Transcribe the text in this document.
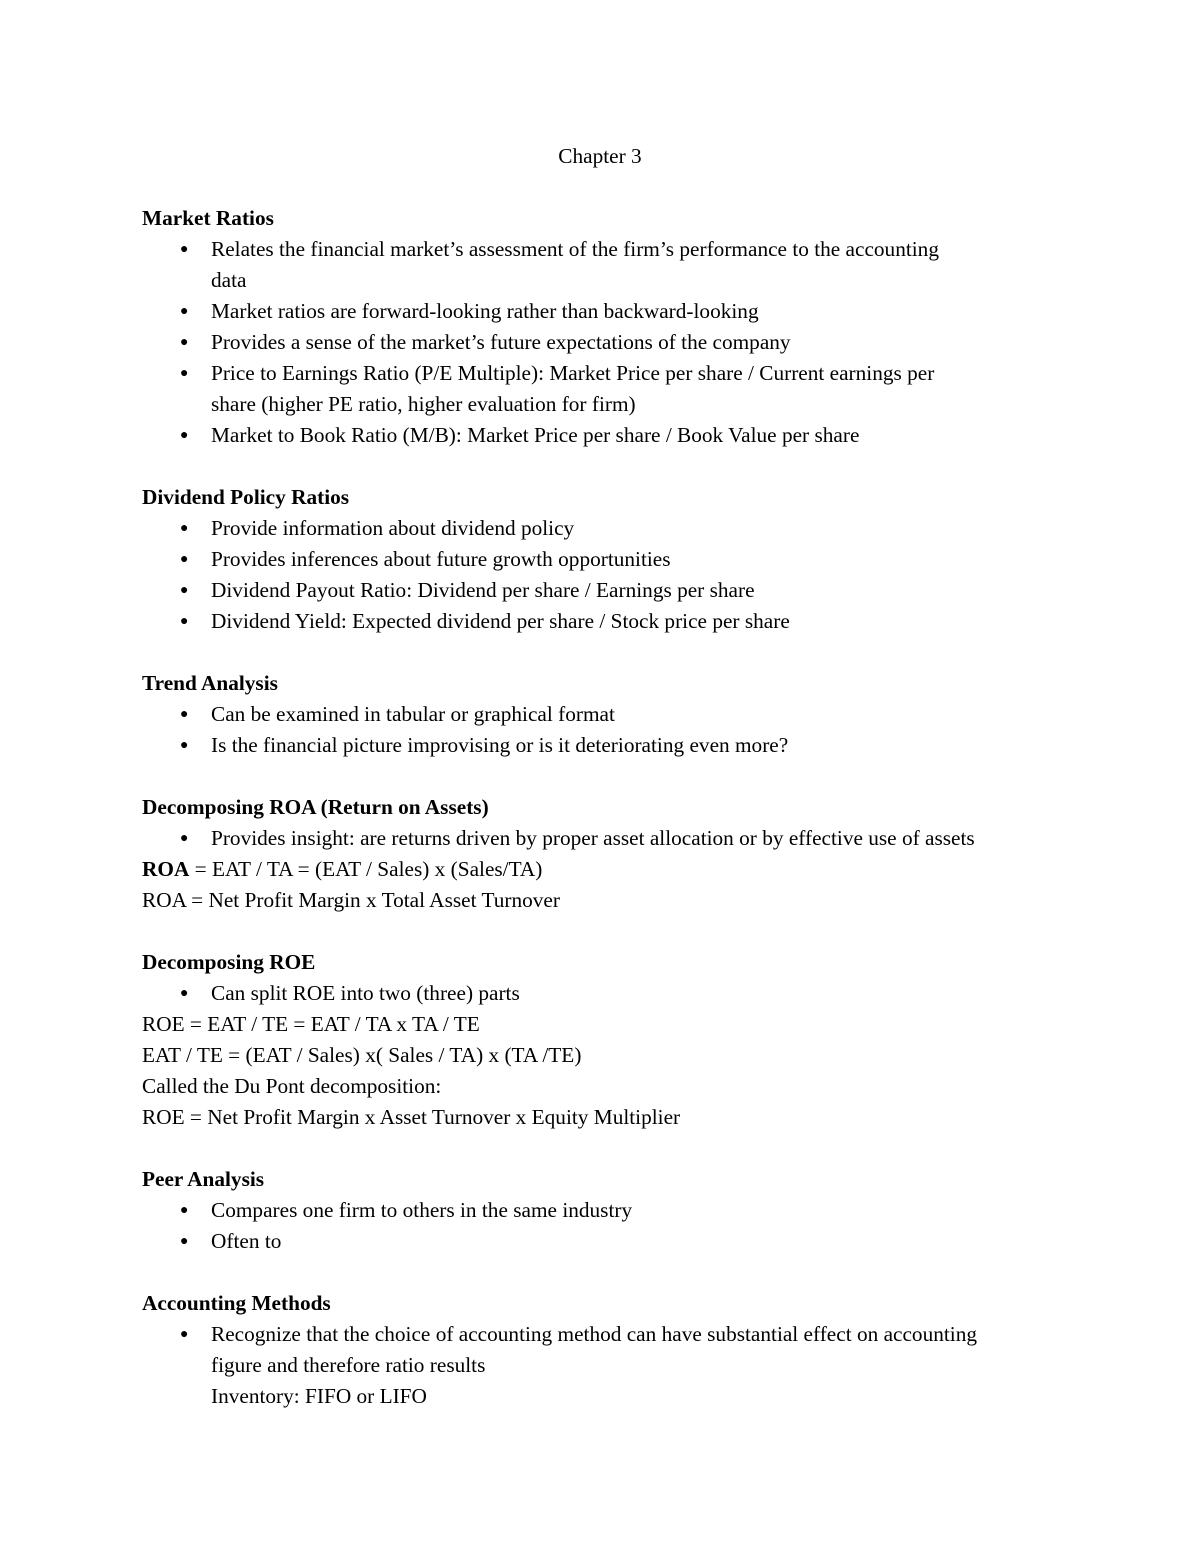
Chapter 3
Market Ratios
● Relates the financial market’s assessment of the firm’s performance to the accounting
data
● Market ratios are forward-looking rather than backward-looking
● Provides a sense of the market’s future expectations of the company
● Price to Earnings Ratio (P/E Multiple): Market Price per share / Current earnings per
share (higher PE ratio, higher evaluation for firm)
● Market to Book Ratio (M/B): Market Price per share / Book Value per share
Dividend Policy Ratios
● Provide information about dividend policy
● Provides inferences about future growth opportunities
● Dividend Payout Ratio: Dividend per share / Earnings per share
● Dividend Yield: Expected dividend per share / Stock price per share
Trend Analysis
● Can be examined in tabular or graphical format
● Is the financial picture improvising or is it deteriorating even more?
Decomposing ROA (Return on Assets)
● Provides insight: are returns driven by proper asset allocation or by effective use of assets
ROA = EAT / TA = (EAT / Sales) x (Sales/TA)
ROA = Net Profit Margin x Total Asset Turnover
Decomposing ROE
● Can split ROE into two (three) parts
ROE = EAT / TE = EAT / TA x TA / TE
EAT / TE = (EAT / Sales) x( Sales / TA) x (TA /TE)
Called the Du Pont decomposition:
ROE = Net Profit Margin x Asset Turnover x Equity Multiplier
Peer Analysis
● Compares one firm to others in the same industry
● Often to
Accounting Methods
● Recognize that the choice of accounting method can have substantial effect on accounting
figure and therefore ratio results
Inventory: FIFO or LIFO
